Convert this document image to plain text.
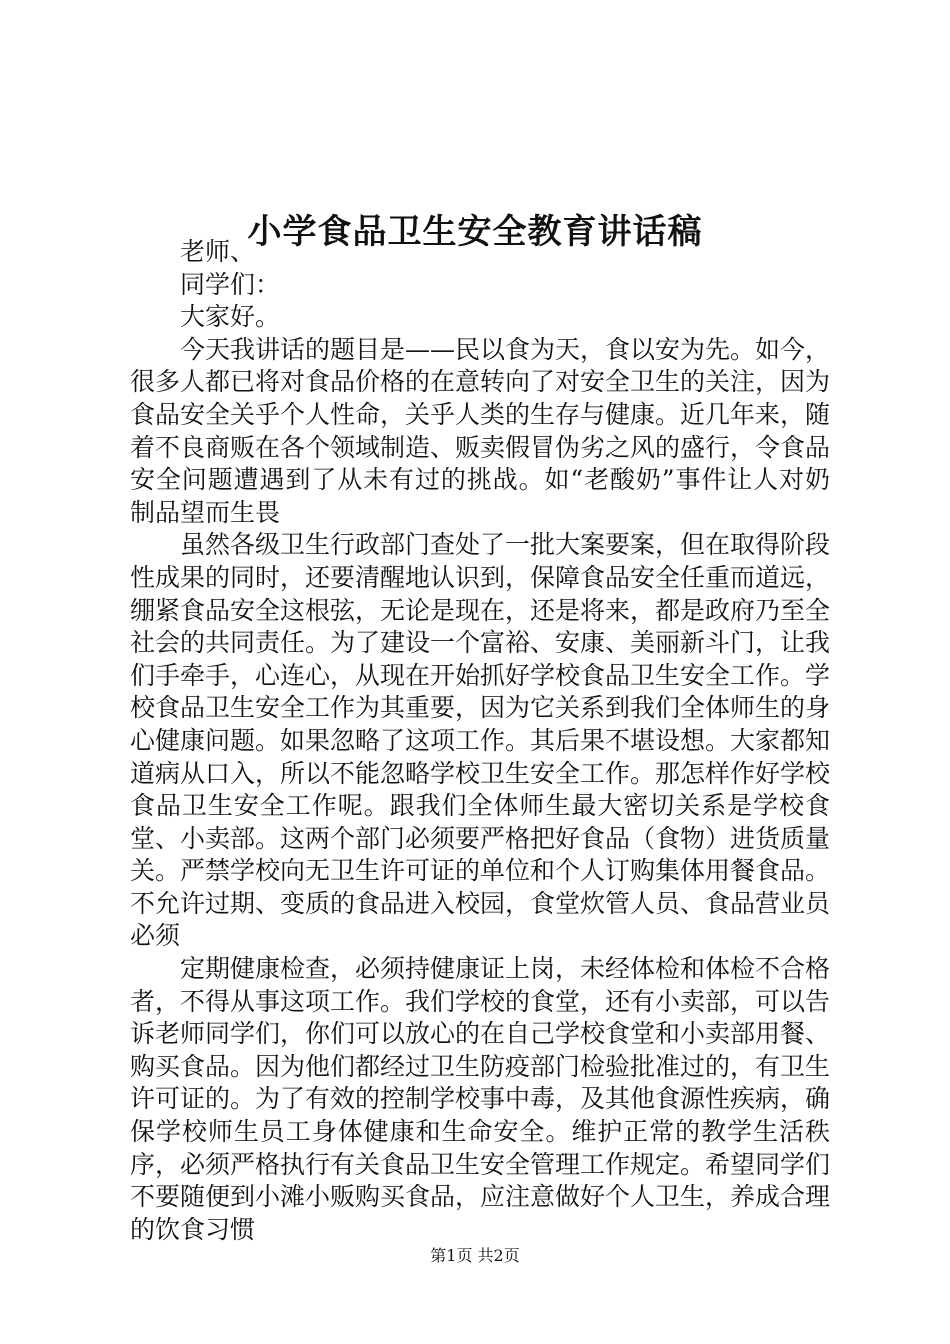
小学食品卫生安全教育讲话稿

老师、

同学们：

大家好。

今天我讲话的题目是——民以食为天，食以安为先。如今，很多人都已将对食品价格的在意转向了对安全卫生的关注，因为食品安全关乎个人性命，关乎人类的生存与健康。近几年来，随着不良商贩在各个领域制造、贩卖假冒伪劣之风的盛行，令食品安全问题遭遇到了从未有过的挑战。如“老酸奶”事件让人对奶制品望而生畏

虽然各级卫生行政部门查处了一批大案要案，但在取得阶段性成果的同时，还要清醒地认识到，保障食品安全任重而道远，绷紧食品安全这根弦，无论是现在，还是将来，都是政府乃至全社会的共同责任。为了建设一个富裕、安康、美丽新斗门，让我们手牵手，心连心，从现在开始抓好学校食品卫生安全工作。学校食品卫生安全工作为其重要，因为它关系到我们全体师生的身心健康问题。如果忽略了这项工作。其后果不堪设想。大家都知道病从口入，所以不能忽略学校卫生安全工作。那怎样作好学校食品卫生安全工作呢。跟我们全体师生最大密切关系是学校食堂、小卖部。这两个部门必须要严格把好食品（食物）进货质量关。严禁学校向无卫生许可证的单位和个人订购集体用餐食品。不允许过期、变质的食品进入校园，食堂炊管人员、食品营业员必须

定期健康检查，必须持健康证上岗，未经体检和体检不合格者，不得从事这项工作。我们学校的食堂，还有小卖部，可以告诉老师同学们，你们可以放心的在自己学校食堂和小卖部用餐、购买食品。因为他们都经过卫生防疫部门检验批准过的，有卫生许可证的。为了有效的控制学校事中毒，及其他食源性疾病，确保学校师生员工身体健康和生命安全。维护正常的教学生活秩序，必须严格执行有关食品卫生安全管理工作规定。希望同学们不要随便到小滩小贩购买食品，应注意做好个人卫生，养成合理的饮食习惯

第1页 共2页
